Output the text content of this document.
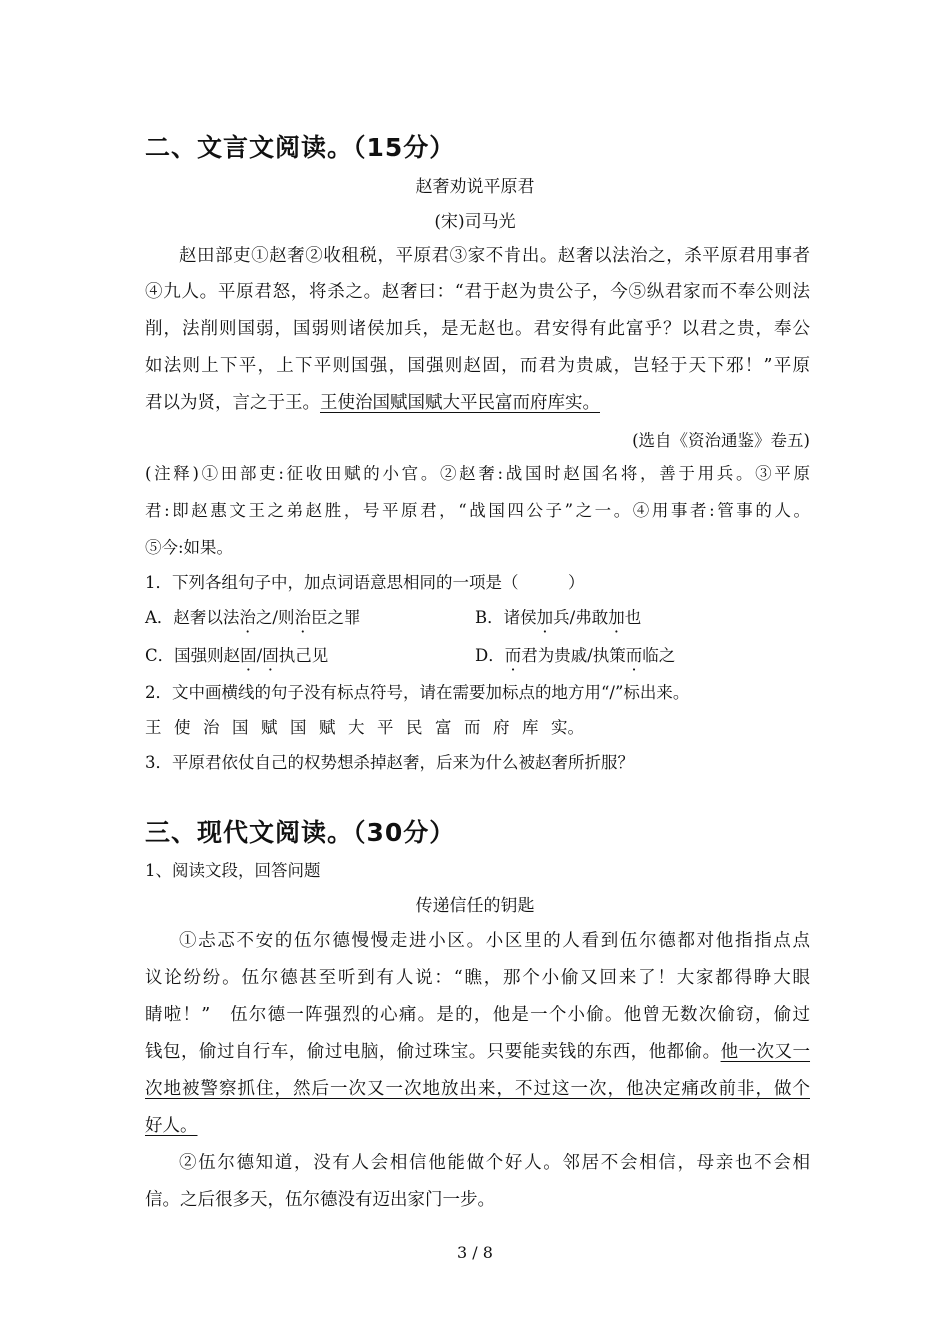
二、文言文阅读。（15分）
赵奢劝说平原君
(宋)司马光
赵田部吏①赵奢②收租税，平原君③家不肯出。赵奢以法治之，杀平原君用事者
④九人。平原君怒，将杀之。赵奢曰：“君于赵为贵公子，今⑤纵君家而不奉公则法
削，法削则国弱，国弱则诸侯加兵，是无赵也。君安得有此富乎？以君之贵，奉公
如法则上下平，上下平则国强，国强则赵固，而君为贵戚，岂轻于天下邪！”平原
君以为贤，言之于王。王使治国赋国赋大平民富而府库实。
(选自《资治通鉴》卷五)
(注释)①田部吏:征收田赋的小官。②赵奢:战国时赵国名将，善于用兵。③平原
君:即赵惠文王之弟赵胜，号平原君，“战国四公子”之一。④用事者:管事的人。
⑤今:如果。
1．下列各组句子中，加点词语意思相同的一项是（　　　）
A．赵奢以法治之/则治臣之罪	B．诸侯加兵/弗敢加也
C．国强则赵固/固执己见	D．而君为贵戚/执策而临之
2．文中画横线的句子没有标点符号，请在需要加标点的地方用“/”标出来。
王 使 治 国 赋 国 赋 大 平 民 富 而 府 库 实。
3．平原君依仗自己的权势想杀掉赵奢，后来为什么被赵奢所折服？
三、现代文阅读。（30分）
1、阅读文段，回答问题
传递信任的钥匙
①忐忑不安的伍尔德慢慢走进小区。小区里的人看到伍尔德都对他指指点点
议论纷纷。伍尔德甚至听到有人说：“瞧，那个小偷又回来了！大家都得睁大眼
睛啦！”　伍尔德一阵强烈的心痛。是的，他是一个小偷。他曾无数次偷窃，偷过
钱包，偷过自行车，偷过电脑，偷过珠宝。只要能卖钱的东西，他都偷。他一次又一
次地被警察抓住，然后一次又一次地放出来，不过这一次，他决定痛改前非，做个
好人。
②伍尔德知道，没有人会相信他能做个好人。邻居不会相信，母亲也不会相
信。之后很多天，伍尔德没有迈出家门一步。
3 / 8
